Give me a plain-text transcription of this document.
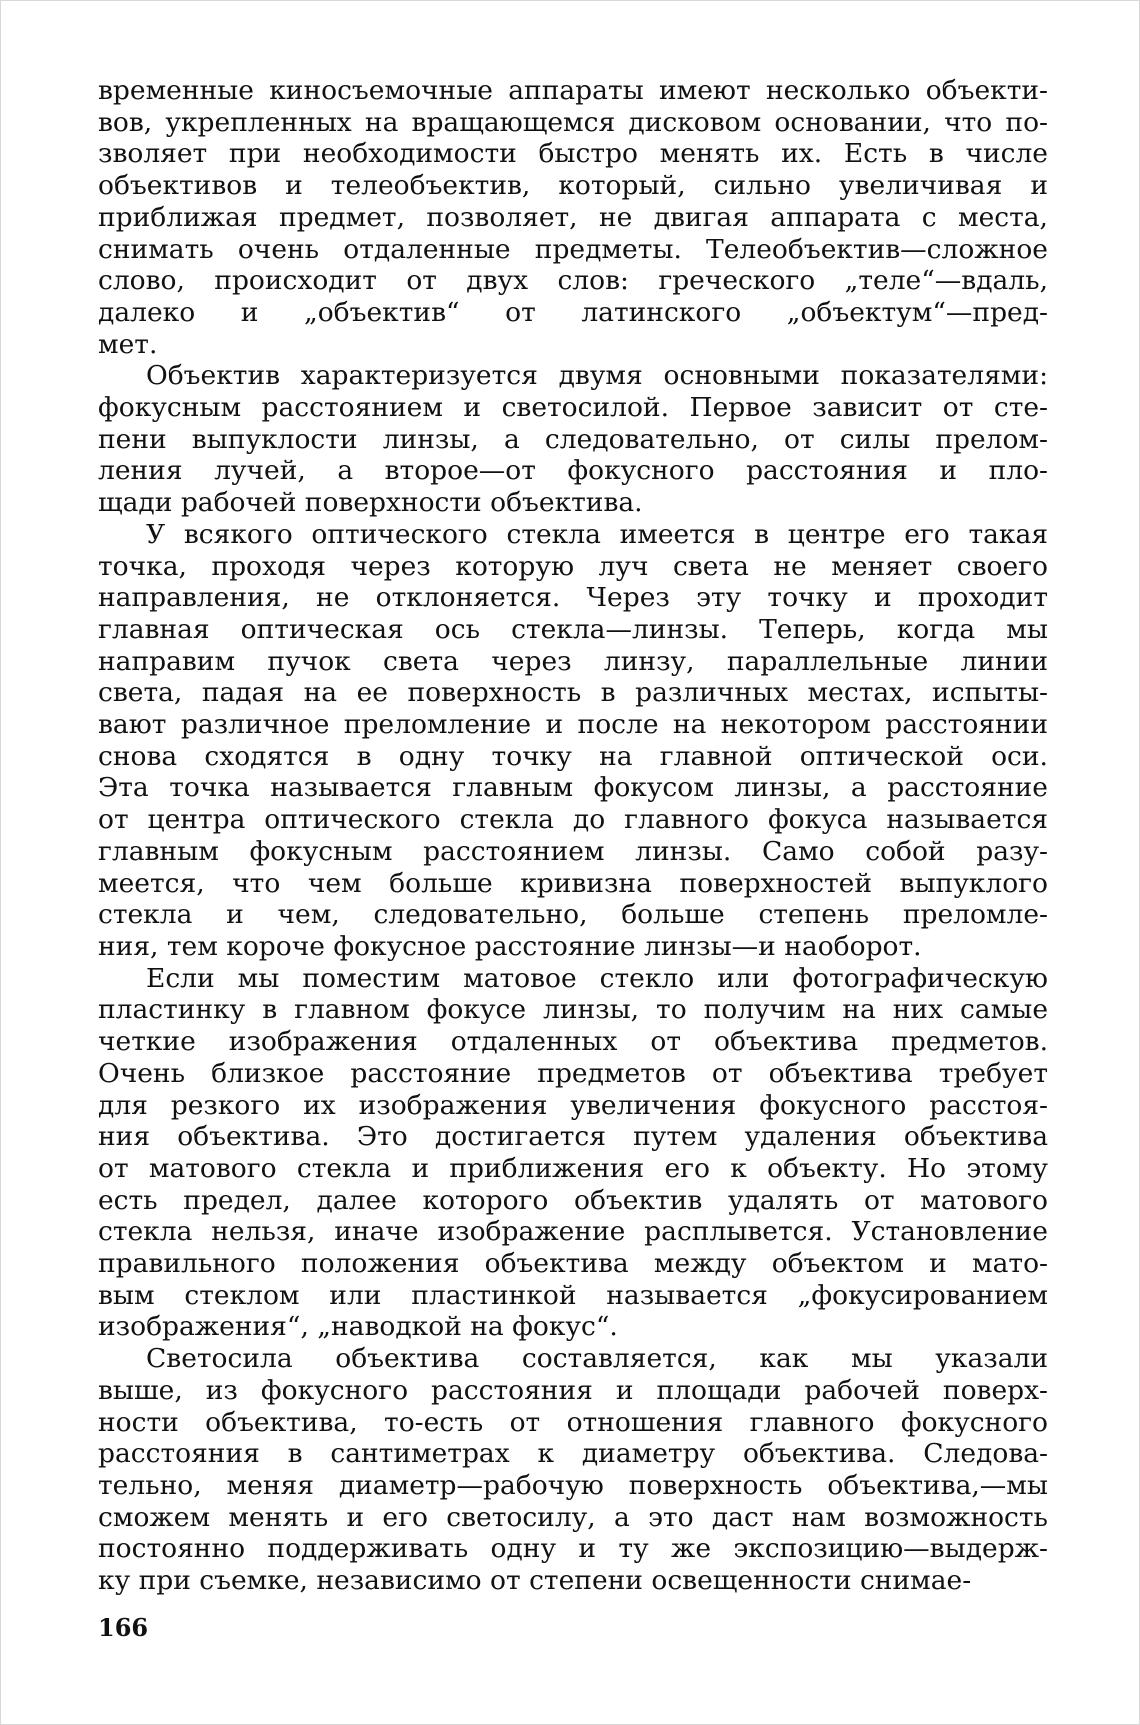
временные киносъемочные аппараты имеют несколько объекти-
вов, укрепленных на вращающемся дисковом основании, что по-
зволяет при необходимости быстро менять их. Есть в числе
объективов и телеобъектив, который, сильно увеличивая и
приближая предмет, позволяет, не двигая аппарата с места,
снимать очень отдаленные предметы. Телеобъектив—сложное
слово, происходит от двух слов: греческого „теле“—вдаль,
далеко и „объектив“ от латинского „объектум“—пред-
мет.

Объектив характеризуется двумя основными показателями:
фокусным расстоянием и светосилой. Первое зависит от сте-
пени выпуклости линзы, а следовательно, от силы прелом-
ления лучей, а второе—от фокусного расстояния и пло-
щади рабочей поверхности объектива.

У всякого оптического стекла имеется в центре его такая
точка, проходя через которую луч света не меняет своего
направления, не отклоняется. Через эту точку и проходит
главная оптическая ось стекла—линзы. Теперь, когда мы
направим пучок света через линзу, параллельные линии
света, падая на ее поверхность в различных местах, испыты-
вают различное преломление и после на некотором расстоянии
снова сходятся в одну точку на главной оптической оси.
Эта точка называется главным фокусом линзы, а расстояние
от центра оптического стекла до главного фокуса называется
главным фокусным расстоянием линзы. Само собой разу-
меется, что чем больше кривизна поверхностей выпуклого
стекла и чем, следовательно, больше степень преломле-
ния, тем короче фокусное расстояние линзы—и наоборот.

Если мы поместим матовое стекло или фотографическую
пластинку в главном фокусе линзы, то получим на них самые
четкие изображения отдаленных от объектива предметов.
Очень близкое расстояние предметов от объектива требует
для резкого их изображения увеличения фокусного расстоя-
ния объектива. Это достигается путем удаления объектива
от матового стекла и приближения его к объекту. Но этому
есть предел, далее которого объектив удалять от матового
стекла нельзя, иначе изображение расплывется. Установление
правильного положения объектива между объектом и мато-
вым стеклом или пластинкой называется „фокусированием
изображения“, „наводкой на фокус“.

Светосила объектива составляется, как мы указали
выше, из фокусного расстояния и площади рабочей поверх-
ности объектива, то-есть от отношения главного фокусного
расстояния в сантиметрах к диаметру объектива. Следова-
тельно, меняя диаметр—рабочую поверхность объектива,—мы
сможем менять и его светосилу, а это даст нам возможность
постоянно поддерживать одну и ту же экспозицию—выдерж-
ку при съемке, независимо от степени освещенности снимае-

166
